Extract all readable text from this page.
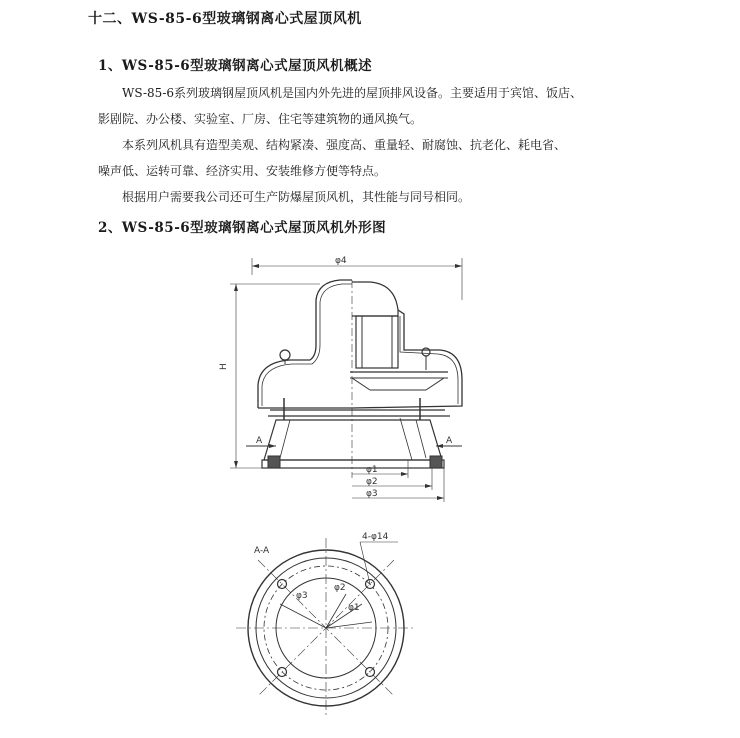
十二、WS-85-6型玻璃钢离心式屋顶风机
1、WS-85-6型玻璃钢离心式屋顶风机概述

WS-85-6系列玻璃钢屋顶风机是国内外先进的屋顶排风设备。主要适用于宾馆、饭店、

影剧院、办公楼、实验室、厂房、住宅等建筑物的通风换气。

本系列风机具有造型美观、结构紧凑、强度高、重量轻、耐腐蚀、抗老化、耗电省、

噪声低、运转可靠、经济实用、安装维修方便等特点。

根据用户需要我公司还可生产防爆屋顶风机，其性能与同号相同。

2、WS-85-6型玻璃钢离心式屋顶风机外形图
φ4
H
A	A
φ1
φ2
φ3
A-A
4-φ14
φ1
φ2
φ3
